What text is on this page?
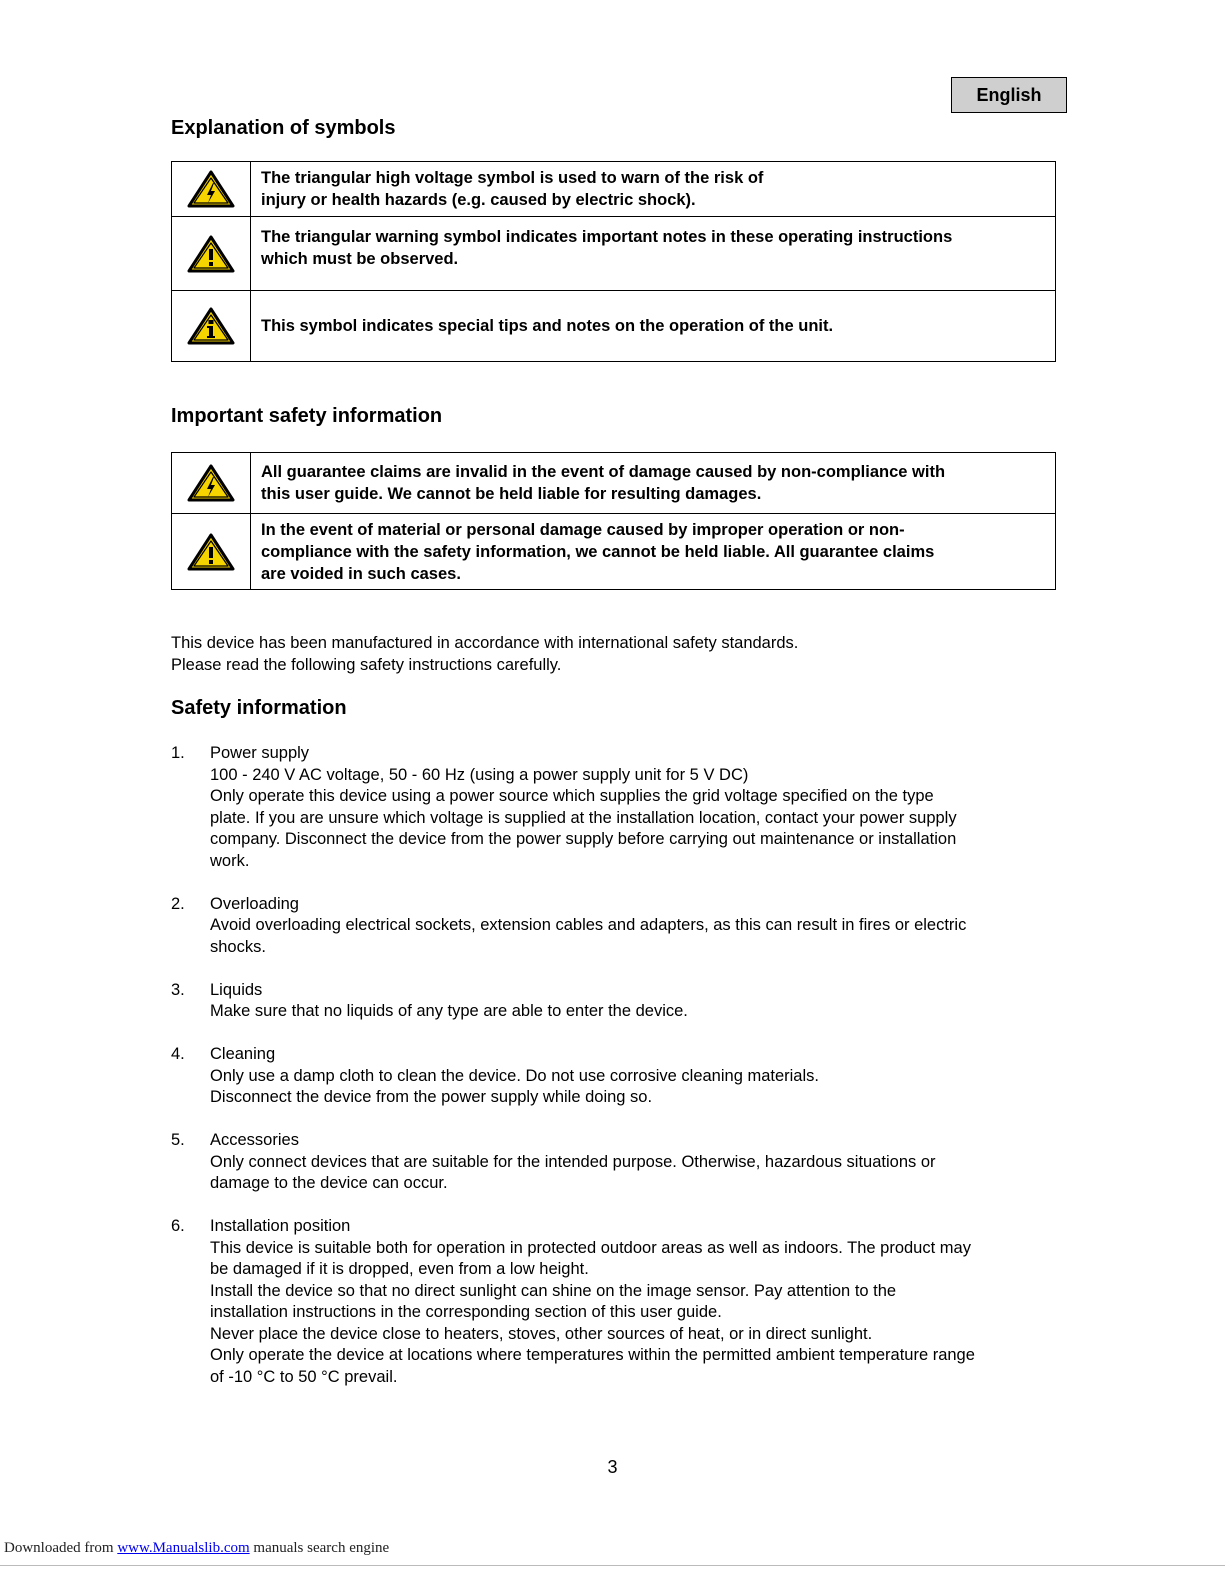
English
Explanation of symbols

The triangular high voltage symbol is used to warn of the risk of
injury or health hazards (e.g. caused by electric shock).

The triangular warning symbol indicates important notes in these operating instructions
which must be observed.

This symbol indicates special tips and notes on the operation of the unit.
Important safety information

All guarantee claims are invalid in the event of damage caused by non-compliance with
this user guide. We cannot be held liable for resulting damages.

In the event of material or personal damage caused by improper operation or non-
compliance with the safety information, we cannot be held liable. All guarantee claims
are voided in such cases.
This device has been manufactured in accordance with international safety standards.
Please read the following safety instructions carefully.
Safety information
1.	Power supply
100 - 240 V AC voltage, 50 - 60 Hz (using a power supply unit for 5 V DC)
Only operate this device using a power source which supplies the grid voltage specified on the type
plate. If you are unsure which voltage is supplied at the installation location, contact your power supply
company. Disconnect the device from the power supply before carrying out maintenance or installation
work.
2.	Overloading
Avoid overloading electrical sockets, extension cables and adapters, as this can result in fires or electric
shocks.
3.	Liquids
Make sure that no liquids of any type are able to enter the device.
4.	Cleaning
Only use a damp cloth to clean the device. Do not use corrosive cleaning materials.
Disconnect the device from the power supply while doing so.
5.	Accessories
Only connect devices that are suitable for the intended purpose. Otherwise, hazardous situations or
damage to the device can occur.
6.	Installation position
This device is suitable both for operation in protected outdoor areas as well as indoors. The product may
be damaged if it is dropped, even from a low height.
Install the device so that no direct sunlight can shine on the image sensor. Pay attention to the
installation instructions in the corresponding section of this user guide.
Never place the device close to heaters, stoves, other sources of heat, or in direct sunlight.
Only operate the device at locations where temperatures within the permitted ambient temperature range
of -10 °C to 50 °C prevail.
3
Downloaded from www.Manualslib.com manuals search engine
